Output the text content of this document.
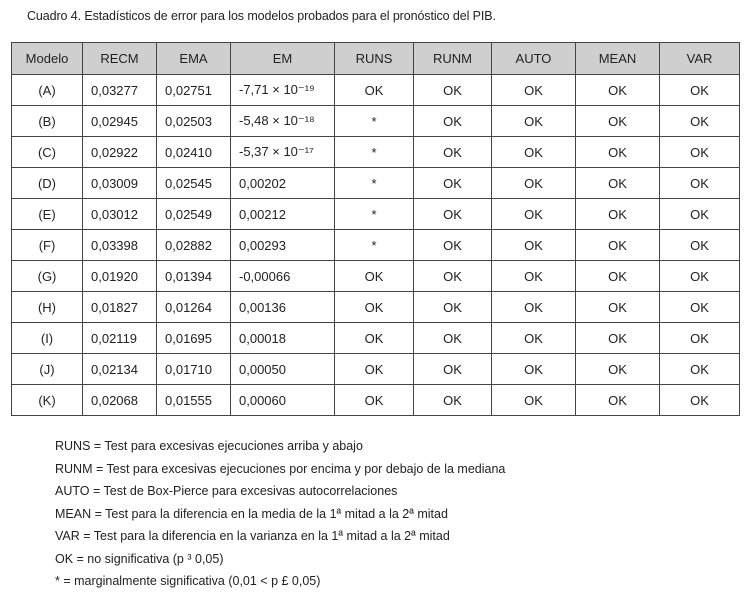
Cuadro 4. Estadísticos de error para los modelos probados para el pronóstico del PIB.
Modelo	RECM	EMA	EM	RUNS	RUNM	AUTO	MEAN	VAR
(A)	0,03277	0,02751	-7,71 × 10⁻¹⁹	OK	OK	OK	OK	OK
(B)	0,02945	0,02503	-5,48 × 10⁻¹⁸	*	OK	OK	OK	OK
(C)	0,02922	0,02410	-5,37 × 10⁻¹⁷	*	OK	OK	OK	OK
(D)	0,03009	0,02545	0,00202	*	OK	OK	OK	OK
(E)	0,03012	0,02549	0,00212	*	OK	OK	OK	OK
(F)	0,03398	0,02882	0,00293	*	OK	OK	OK	OK
(G)	0,01920	0,01394	-0,00066	OK	OK	OK	OK	OK
(H)	0,01827	0,01264	0,00136	OK	OK	OK	OK	OK
(I)	0,02119	0,01695	0,00018	OK	OK	OK	OK	OK
(J)	0,02134	0,01710	0,00050	OK	OK	OK	OK	OK
(K)	0,02068	0,01555	0,00060	OK	OK	OK	OK	OK
RUNS = Test para excesivas ejecuciones arriba y abajo
RUNM = Test para excesivas ejecuciones por encima y por debajo de la mediana
AUTO = Test de Box-Pierce para excesivas autocorrelaciones
MEAN = Test para la diferencia en la media de la 1ª mitad a la 2ª mitad
VAR = Test para la diferencia en la varianza en la 1ª mitad a la 2ª mitad
OK = no significativa (p ³ 0,05)
* = marginalmente significativa (0,01 < p £ 0,05)
